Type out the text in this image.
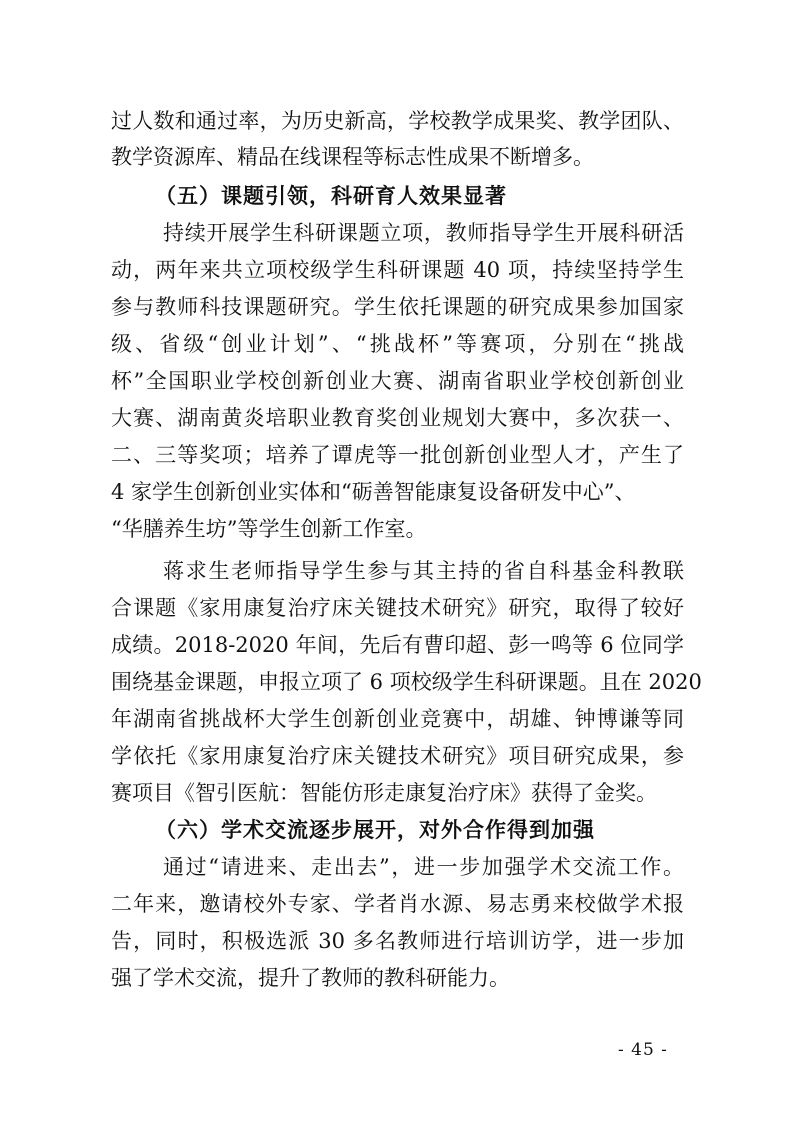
过人数和通过率，为历史新高，学校教学成果奖、教学团队、
教学资源库、精品在线课程等标志性成果不断增多。
（五）课题引领，科研育人效果显著
持续开展学生科研课题立项，教师指导学生开展科研活
动，两年来共立项校级学生科研课题 40 项，持续坚持学生
参与教师科技课题研究。学生依托课题的研究成果参加国家
级、省级“创业计划”、“挑战杯”等赛项，分别在“挑战
杯”全国职业学校创新创业大赛、湖南省职业学校创新创业
大赛、湖南黄炎培职业教育奖创业规划大赛中，多次获一、
二、三等奖项；培养了谭虎等一批创新创业型人才，产生了
4 家学生创新创业实体和“砺善智能康复设备研发中心”、
“华膳养生坊”等学生创新工作室。
蒋求生老师指导学生参与其主持的省自科基金科教联
合课题《家用康复治疗床关键技术研究》研究，取得了较好
成绩。2018-2020 年间，先后有曹印超、彭一鸣等 6 位同学
围绕基金课题，申报立项了 6 项校级学生科研课题。且在 2020
年湖南省挑战杯大学生创新创业竞赛中，胡雄、钟博谦等同
学依托《家用康复治疗床关键技术研究》项目研究成果，参
赛项目《智引医航：智能仿形走康复治疗床》获得了金奖。
（六）学术交流逐步展开，对外合作得到加强
通过“请进来、走出去”，进一步加强学术交流工作。
二年来，邀请校外专家、学者肖水源、易志勇来校做学术报
告，同时，积极选派 30 多名教师进行培训访学，进一步加
强了学术交流，提升了教师的教科研能力。
- 45 -
